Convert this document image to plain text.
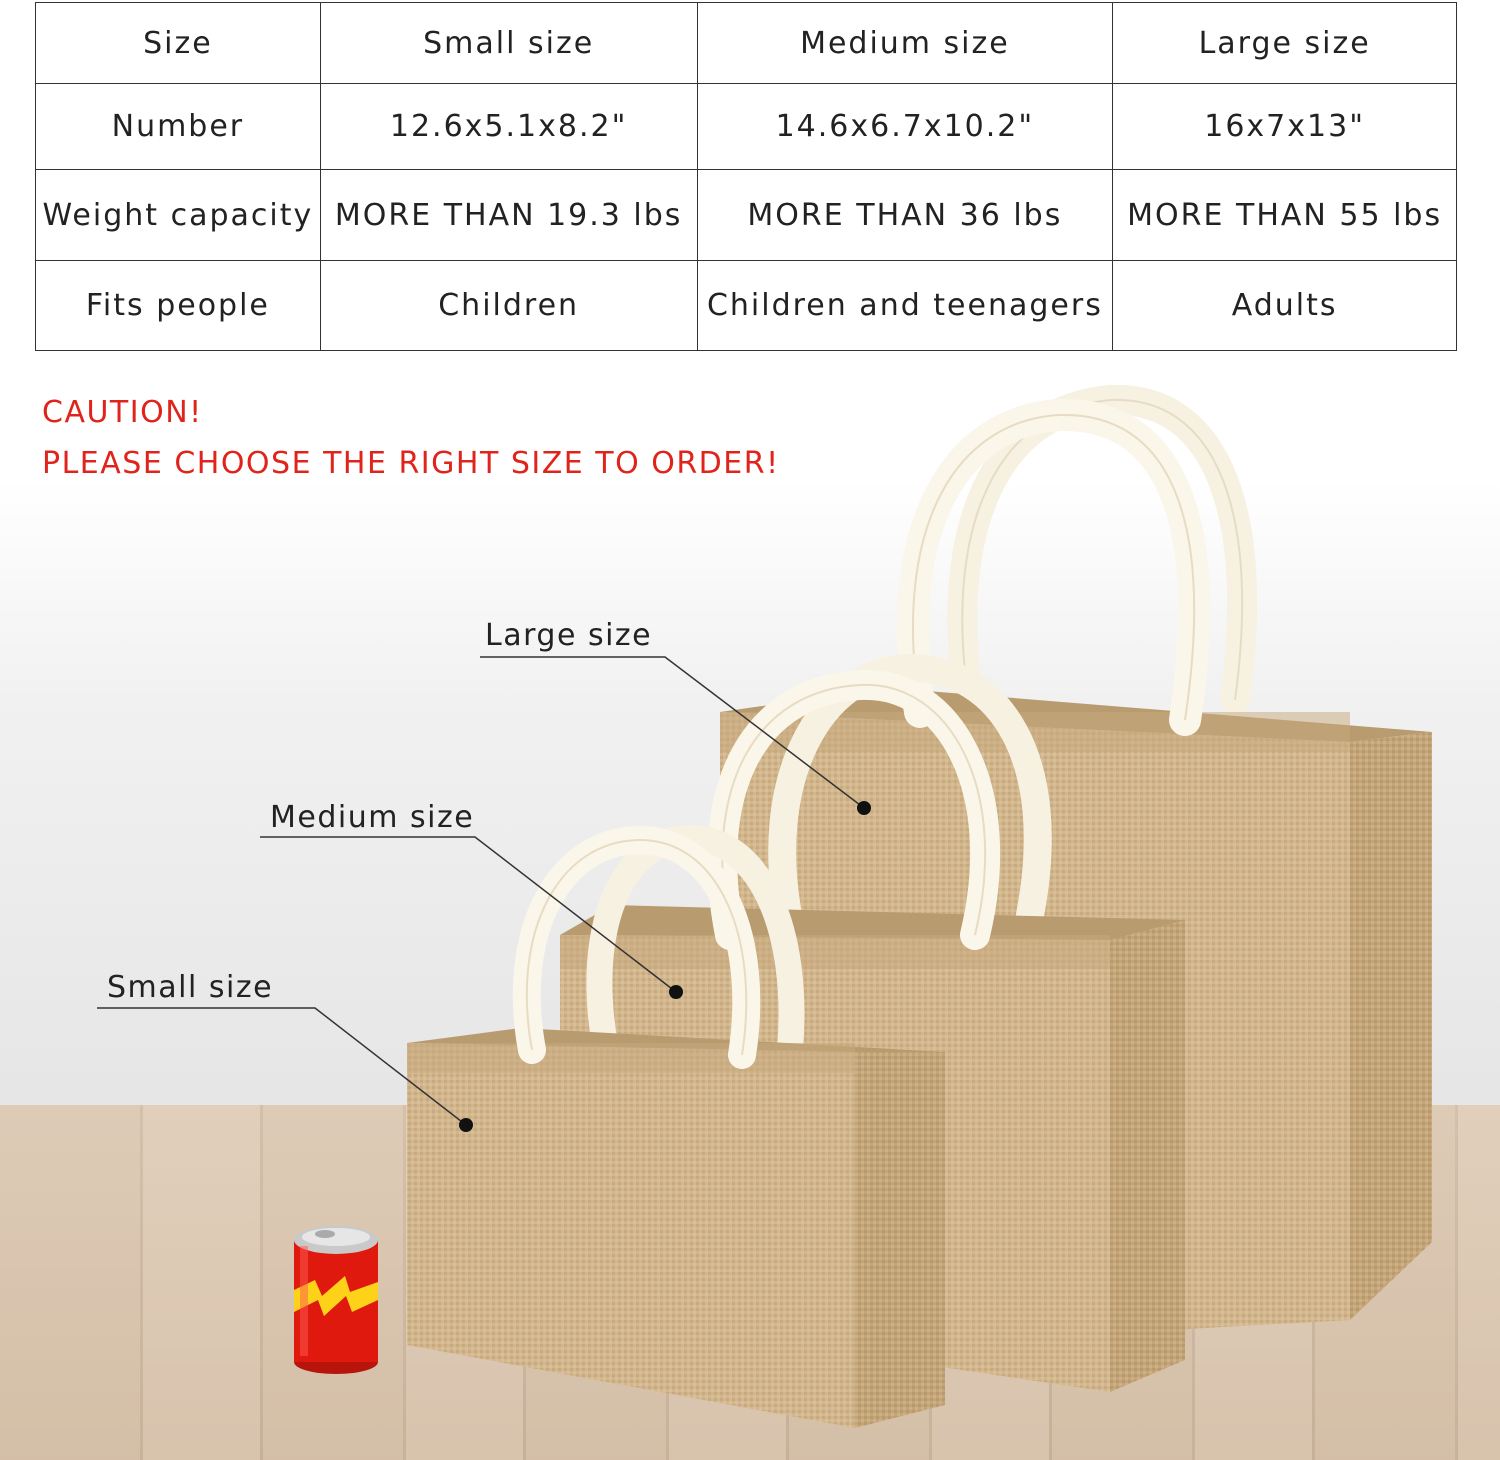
Size	Small size	Medium size	Large size
Number	12.6x5.1x8.2"	14.6x6.7x10.2"	16x7x13"
Weight capacity	MORE THAN 19.3 lbs	MORE THAN 36 lbs	MORE THAN 55 lbs
Fits people	Children	Children and teenagers	Adults
CAUTION!
PLEASE CHOOSE THE RIGHT SIZE TO ORDER!
Large size
Medium size
Small size
